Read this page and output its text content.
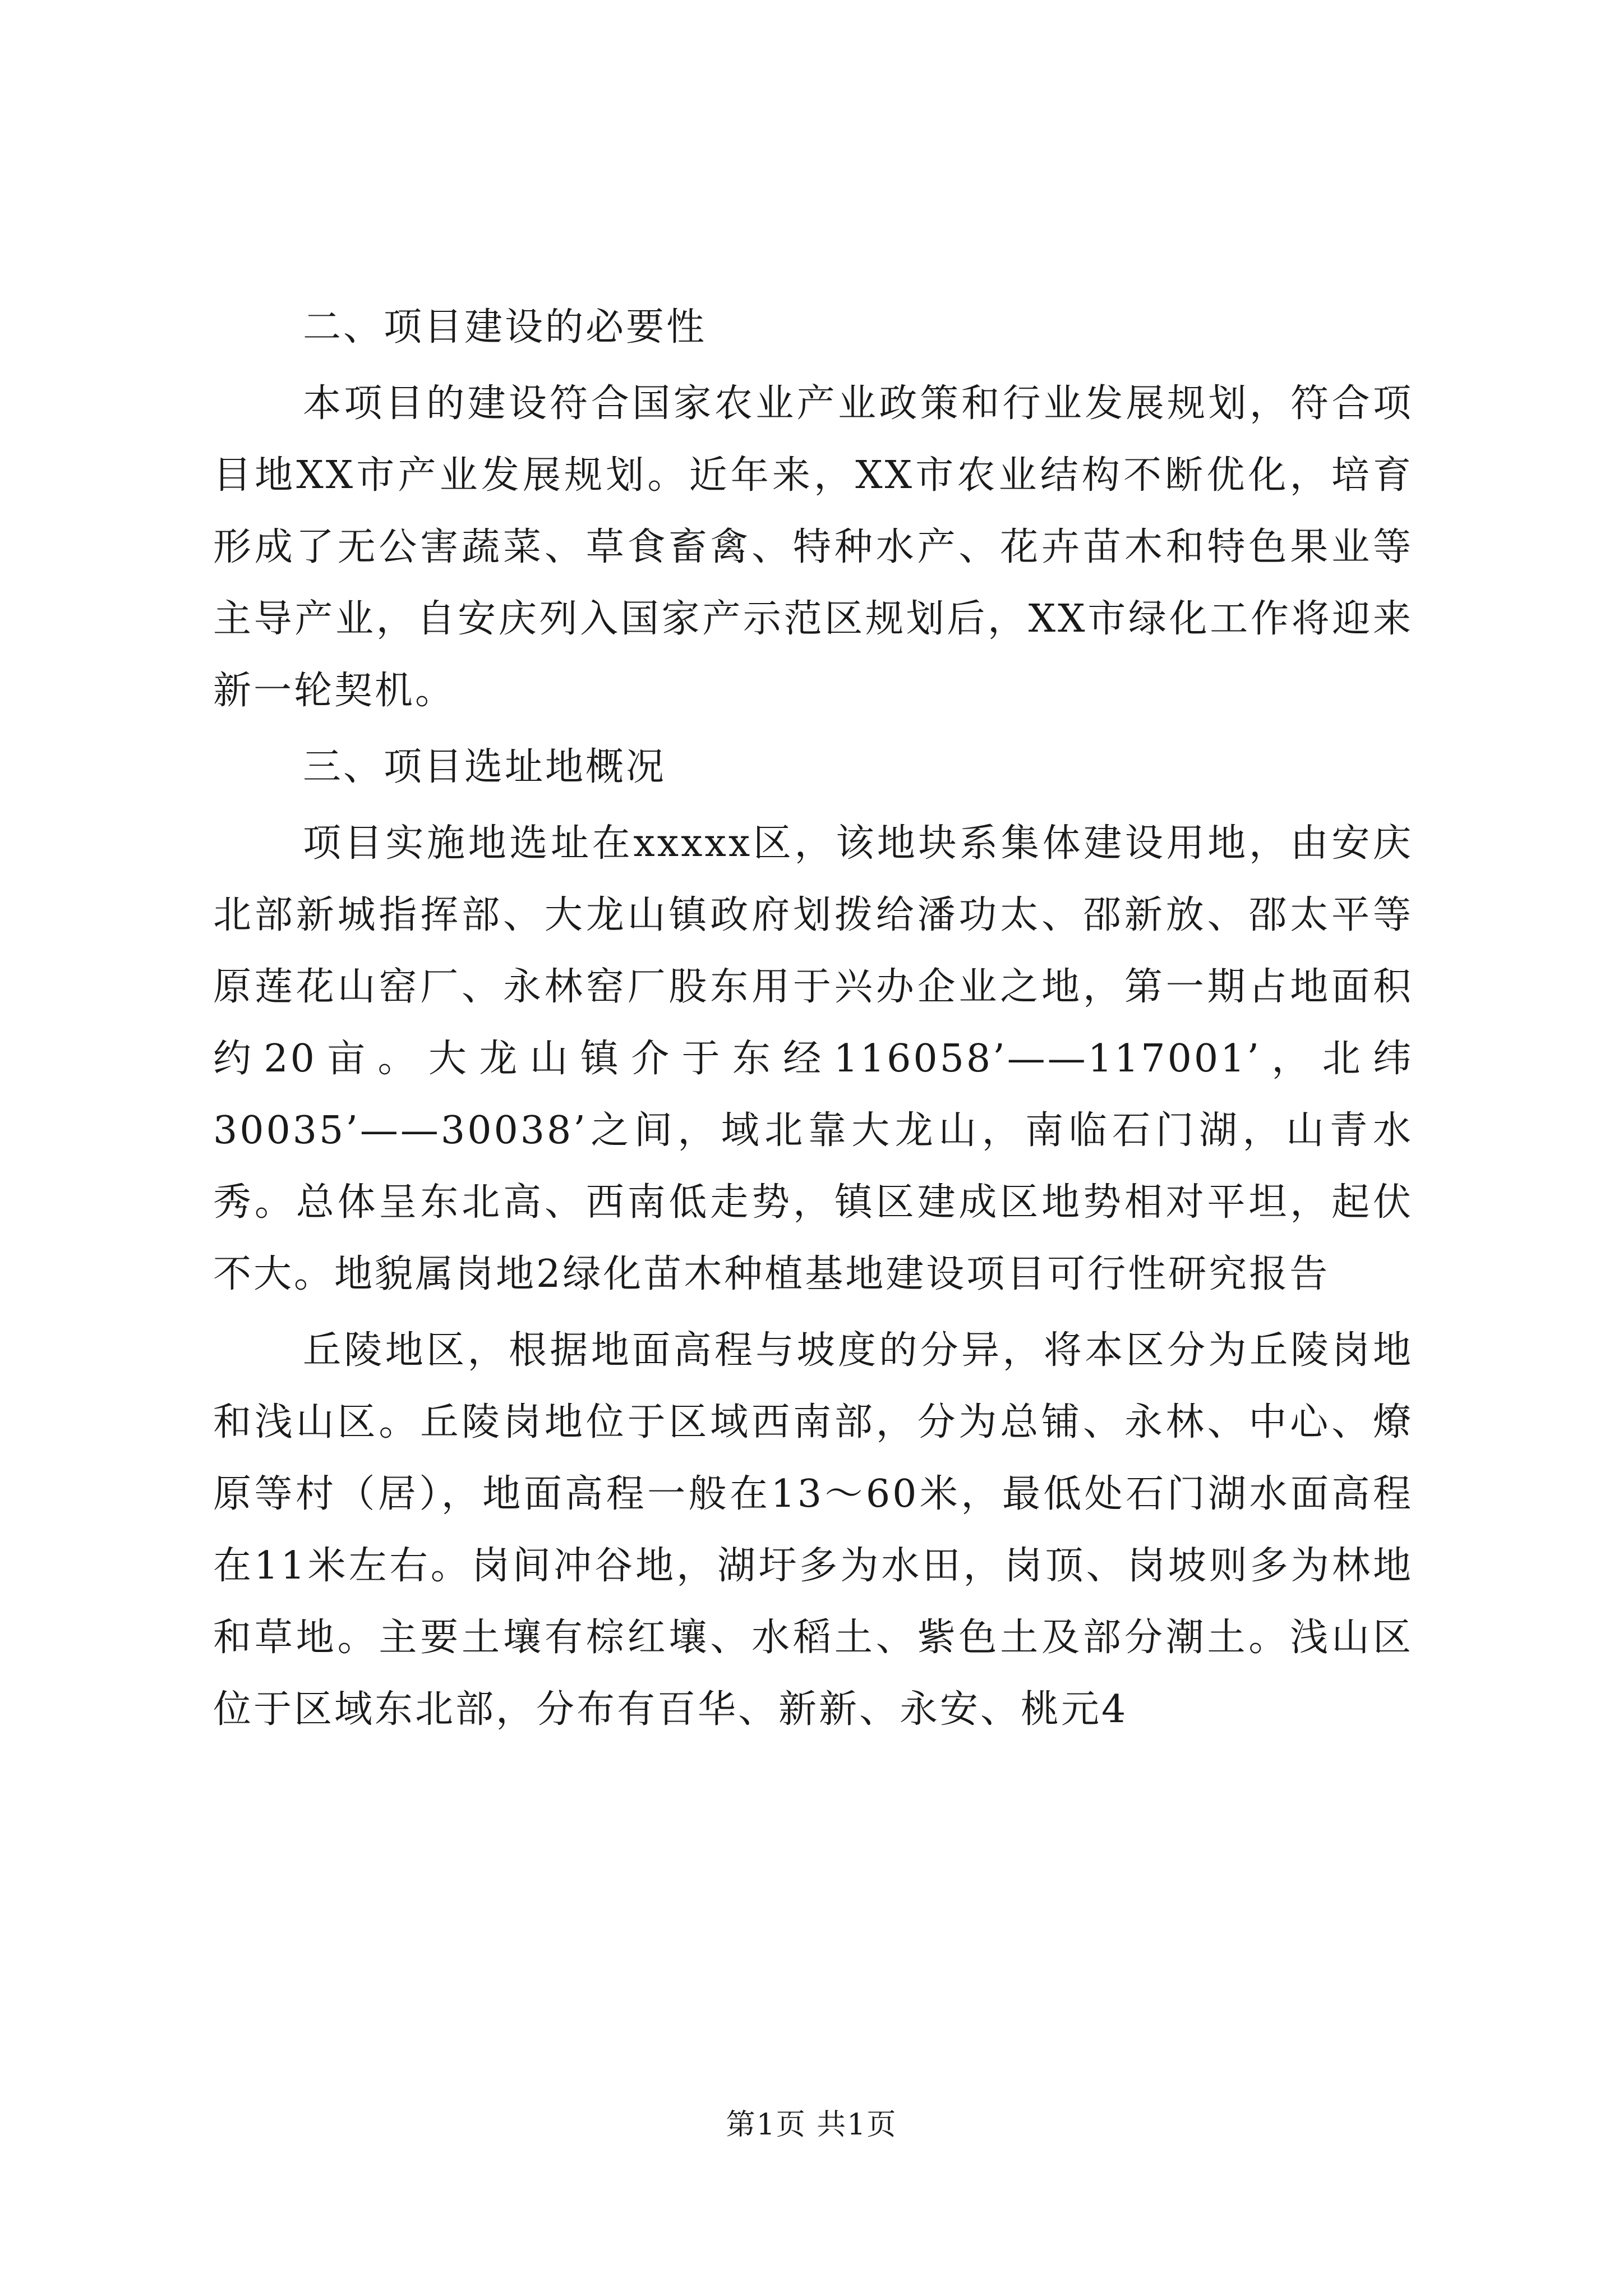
二、项目建设的必要性

本项目的建设符合国家农业产业政策和行业发展规划，符合项目地XX市产业发展规划。近年来，XX市农业结构不断优化，培育形成了无公害蔬菜、草食畜禽、特种水产、花卉苗木和特色果业等主导产业，自安庆列入国家产示范区规划后，XX市绿化工作将迎来新一轮契机。

三、项目选址地概况

项目实施地选址在xxxxx区，该地块系集体建设用地，由安庆北部新城指挥部、大龙山镇政府划拨给潘功太、邵新放、邵太平等原莲花山窑厂、永林窑厂股东用于兴办企业之地，第一期占地面积约20亩。大龙山镇介于东经116058’——117001’，北纬30035’——30038’之间，域北靠大龙山，南临石门湖，山青水秀。总体呈东北高、西南低走势，镇区建成区地势相对平坦，起伏不大。地貌属岗地2绿化苗木种植基地建设项目可行性研究报告

丘陵地区，根据地面高程与坡度的分异，将本区分为丘陵岗地和浅山区。丘陵岗地位于区域西南部，分为总铺、永林、中心、燎原等村（居），地面高程一般在13～60米，最低处石门湖水面高程在11米左右。岗间冲谷地，湖圩多为水田，岗顶、岗坡则多为林地和草地。主要土壤有棕红壤、水稻土、紫色土及部分潮土。浅山区位于区域东北部，分布有百华、新新、永安、桃元4

第1页 共1页
